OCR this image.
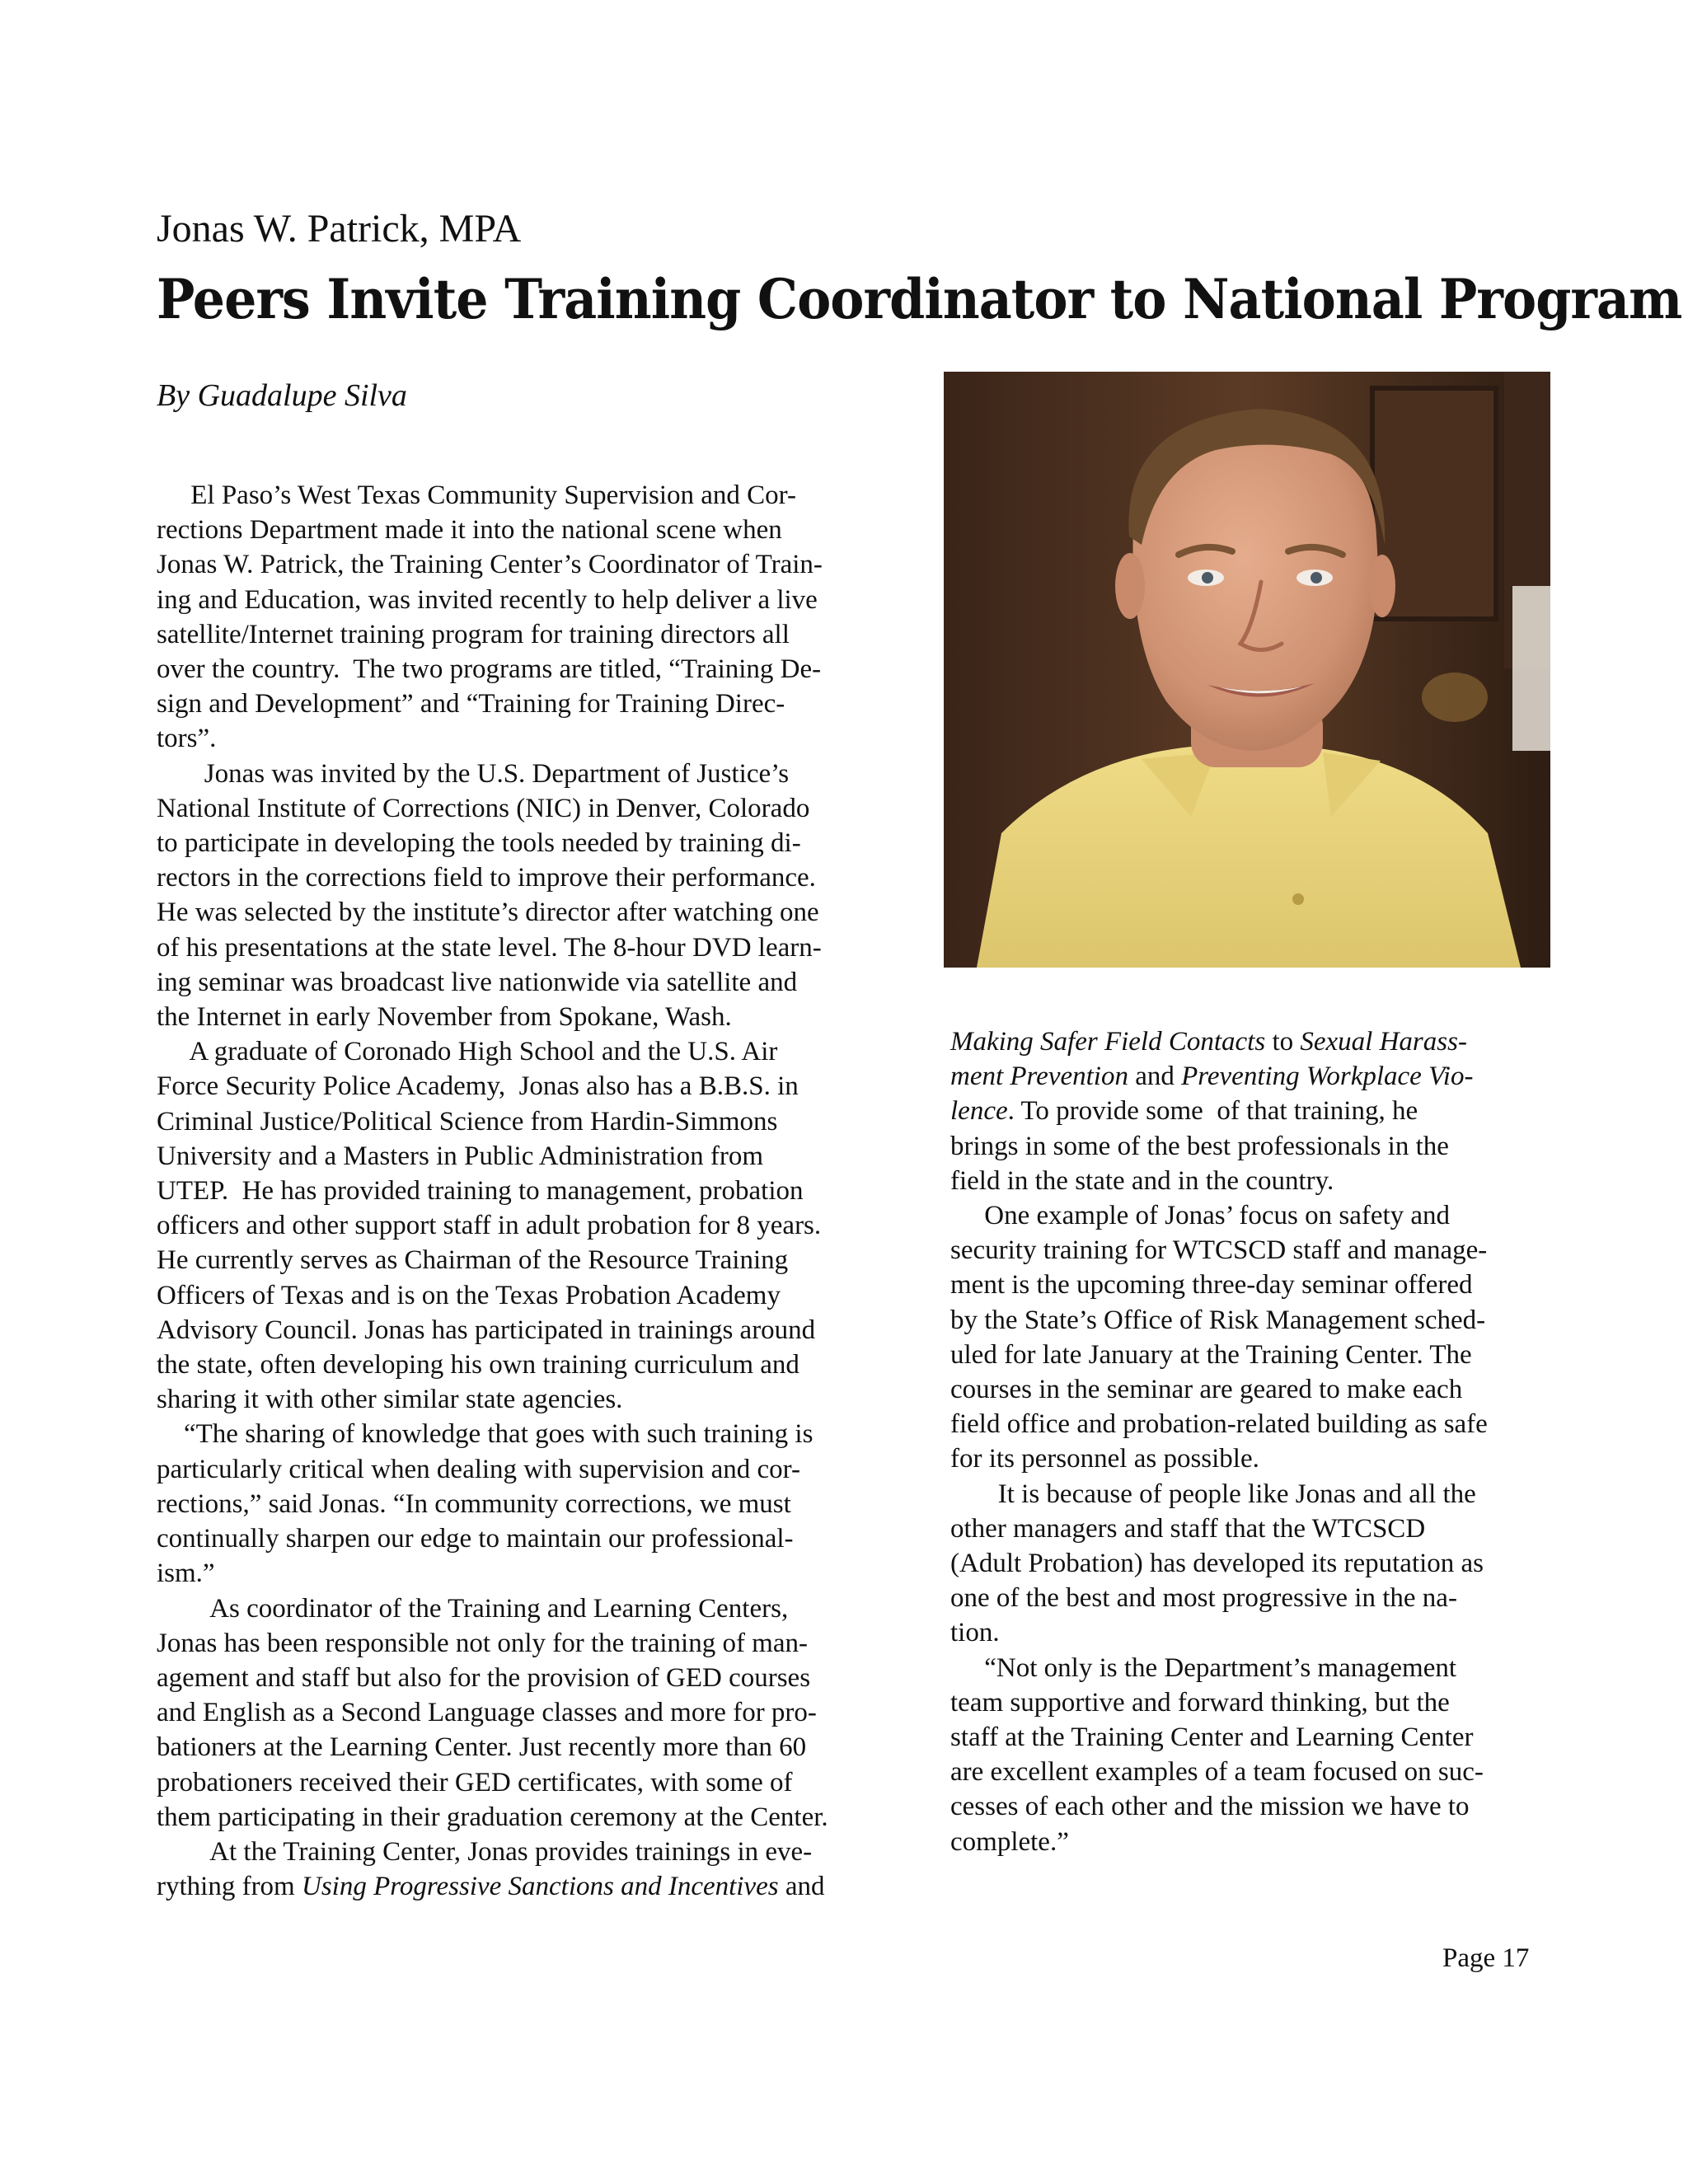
Jonas W. Patrick, MPA
Peers Invite Training Coordinator to National Program
By Guadalupe Silva
El Paso’s West Texas Community Supervision and Cor-
rections Department made it into the national scene when
Jonas W. Patrick, the Training Center’s Coordinator of Train-
ing and Education, was invited recently to help deliver a live
satellite/Internet training program for training directors all
over the country.  The two programs are titled, “Training De-
sign and Development” and “Training for Training Direc-
tors”.
Jonas was invited by the U.S. Department of Justice’s
National Institute of Corrections (NIC) in Denver, Colorado
to participate in developing the tools needed by training di-
rectors in the corrections field to improve their performance.
He was selected by the institute’s director after watching one
of his presentations at the state level. The 8-hour DVD learn-
ing seminar was broadcast live nationwide via satellite and
the Internet in early November from Spokane, Wash.
A graduate of Coronado High School and the U.S. Air
Force Security Police Academy,  Jonas also has a B.B.S. in
Criminal Justice/Political Science from Hardin-Simmons
University and a Masters in Public Administration from
UTEP.  He has provided training to management, probation
officers and other support staff in adult probation for 8 years.
He currently serves as Chairman of the Resource Training
Officers of Texas and is on the Texas Probation Academy
Advisory Council. Jonas has participated in trainings around
the state, often developing his own training curriculum and
sharing it with other similar state agencies.
“The sharing of knowledge that goes with such training is
particularly critical when dealing with supervision and cor-
rections,” said Jonas. “In community corrections, we must
continually sharpen our edge to maintain our professional-
ism.”
As coordinator of the Training and Learning Centers,
Jonas has been responsible not only for the training of man-
agement and staff but also for the provision of GED courses
and English as a Second Language classes and more for pro-
bationers at the Learning Center. Just recently more than 60
probationers received their GED certificates, with some of
them participating in their graduation ceremony at the Center.
At the Training Center, Jonas provides trainings in eve-
rything from Using Progressive Sanctions and Incentives and
Making Safer Field Contacts to Sexual Harass-
ment Prevention and Preventing Workplace Vio-
lence. To provide some  of that training, he
brings in some of the best professionals in the
field in the state and in the country.
One example of Jonas’ focus on safety and
security training for WTCSCD staff and manage-
ment is the upcoming three-day seminar offered
by the State’s Office of Risk Management sched-
uled for late January at the Training Center. The
courses in the seminar are geared to make each
field office and probation-related building as safe
for its personnel as possible.
It is because of people like Jonas and all the
other managers and staff that the WTCSCD
(Adult Probation) has developed its reputation as
one of the best and most progressive in the na-
tion.
“Not only is the Department’s management
team supportive and forward thinking, but the
staff at the Training Center and Learning Center
are excellent examples of a team focused on suc-
cesses of each other and the mission we have to
complete.”
Page 17
